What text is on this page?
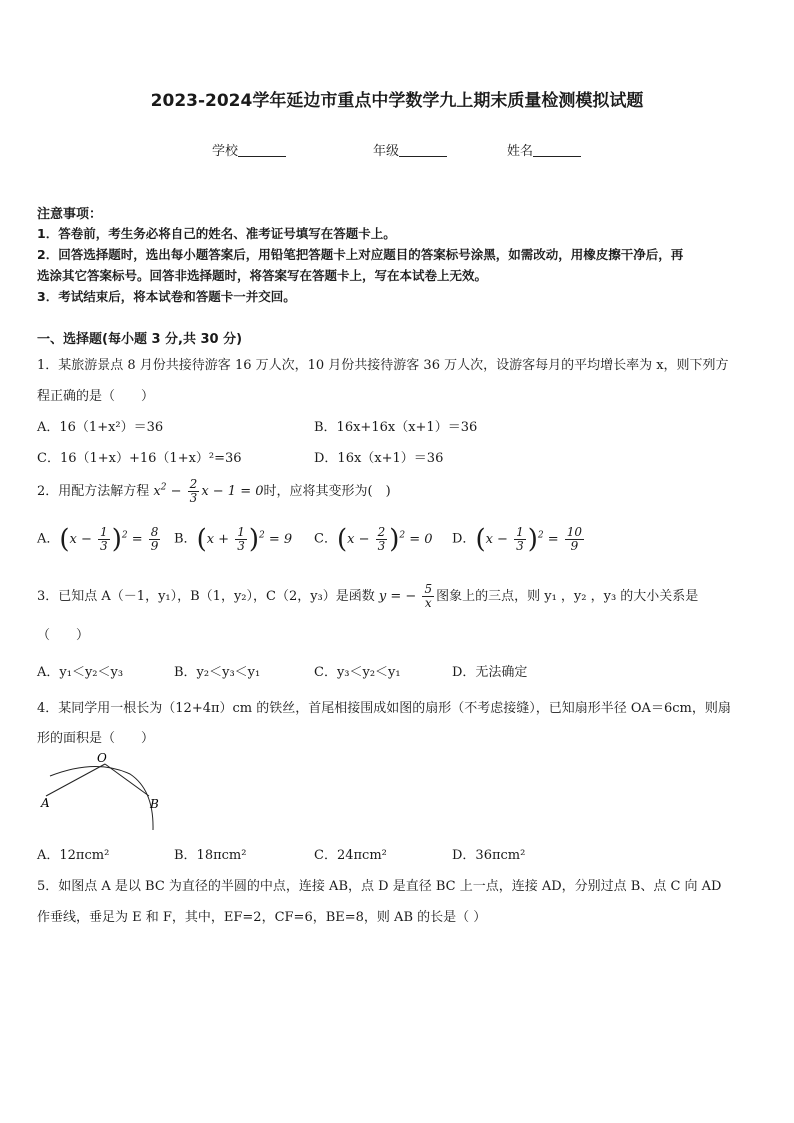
2023-2024学年延边市重点中学数学九上期末质量检测模拟试题
学校	年级	姓名
注意事项：
1．答卷前，考生务必将自己的姓名、准考证号填写在答题卡上。
2．回答选择题时，选出每小题答案后，用铅笔把答题卡上对应题目的答案标号涂黑，如需改动，用橡皮擦干净后，再
选涂其它答案标号。回答非选择题时，将答案写在答题卡上，写在本试卷上无效。
3．考试结束后，将本试卷和答题卡一并交回。
一、选择题(每小题 3 分,共 30 分)
1．某旅游景点 8 月份共接待游客 16 万人次，10 月份共接待游客 36 万人次，设游客每月的平均增长率为 x，则下列方
程正确的是（　　）
A．16（1+x²）＝36	B．16x+16x（x+1）＝36
C．16（1+x）+16（1+x）²=36	D．16x（x+1）＝36
2．用配方法解方程 $x^2 - \frac{2}{3}$ x − 1 = 0时，应将其变形为(　)
A．$(x - \frac{1}{3} )^2 = \frac{8}{9}$ B．$(x + \frac{1}{3} )^2 = 9$ C．$(x - \frac{2}{3} )^2 = 0$ D．$(x - \frac{1}{3} )^2 = \frac{10}{9}$
3．已知点 A（－1，y₁），B（1，y₂），C（2，y₃）是函数 y = − $\frac{5}{x}$ 图象上的三点，则 y₁ ，y₂ ，y₃ 的大小关系是
（　　）
A．y₁＜y₂＜y₃	B．y₂＜y₃＜y₁	C．y₃＜y₂＜y₁	D．无法确定
4．某同学用一根长为（12+4π）cm 的铁丝，首尾相接围成如图的扇形（不考虑接缝），已知扇形半径 OA＝6cm，则扇
形的面积是（　　）
O
A	B
A．12πcm²	B．18πcm²	C．24πcm²	D．36πcm²
5．如图点 A 是以 BC 为直径的半圆的中点，连接 AB，点 D 是直径 BC 上一点，连接 AD，分别过点 B、点 C 向 AD
作垂线，垂足为 E 和 F，其中，EF=2，CF=6，BE=8，则 AB 的长是（ ）
